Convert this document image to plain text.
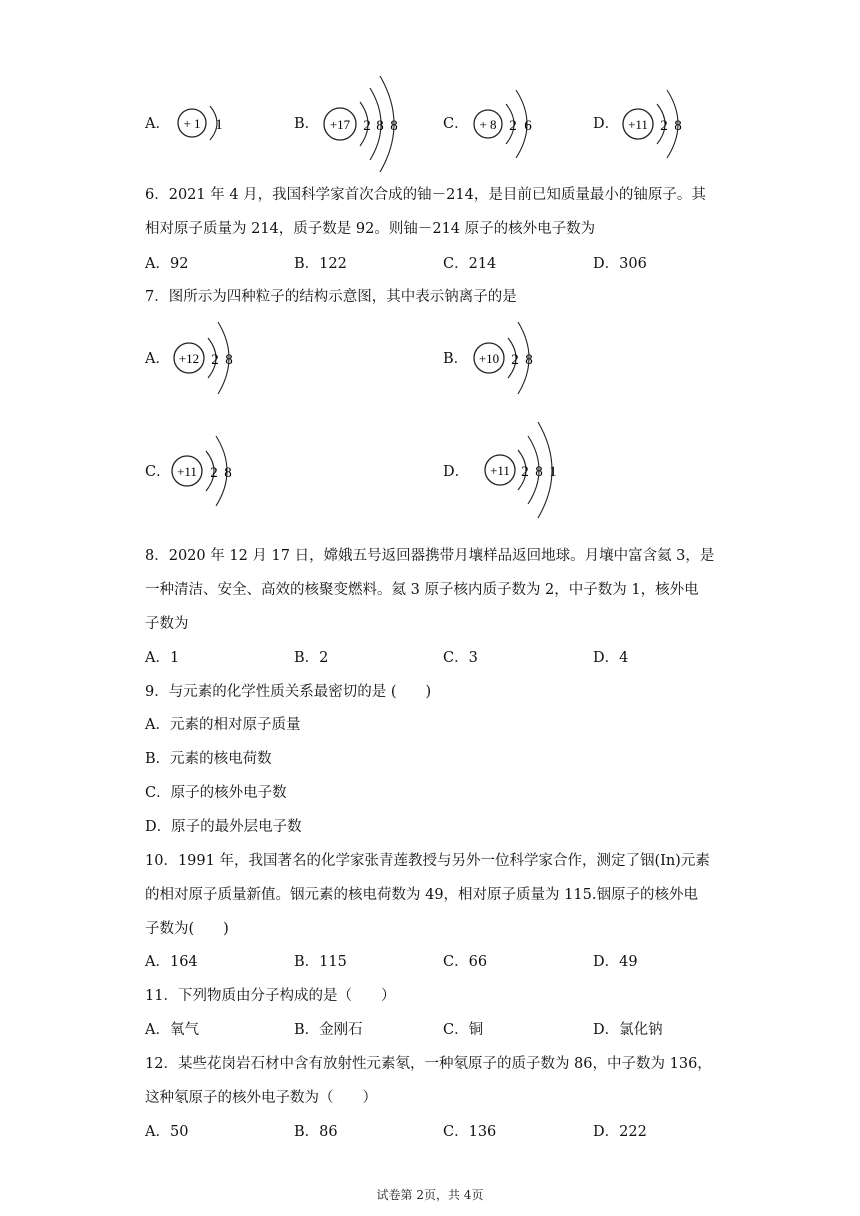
A． + 1 1	B． +17 2 8 8	C． + 8 2 6	D． +11 2 8
6．2021 年 4 月，我国科学家首次合成的铀－214，是目前已知质量最小的铀原子。其
相对原子质量为 214，质子数是 92。则铀－214 原子的核外电子数为
A．92	B．122	C．214	D．306
7．图所示为四种粒子的结构示意图，其中表示钠离子的是
A． +12 2 8	B． +10 2 8
C． +11 2 8	D． +11 2 8 1
8．2020 年 12 月 17 日，嫦娥五号返回器携带月壤样品返回地球。月壤中富含氦 3，是
一种清洁、安全、高效的核聚变燃料。氦 3 原子核内质子数为 2，中子数为 1，核外电
子数为
A．1	B．2	C．3	D．4
9．与元素的化学性质关系最密切的是 (　　)
A．元素的相对原子质量
B．元素的核电荷数
C．原子的核外电子数
D．原子的最外层电子数
10．1991 年，我国著名的化学家张青莲教授与另外一位科学家合作，测定了铟(In)元素
的相对原子质量新值。铟元素的核电荷数为 49，相对原子质量为 115.铟原子的核外电
子数为(　　)
A．164	B．115	C．66	D．49
11．下列物质由分子构成的是（　　）
A．氧气	B．金刚石	C．铜	D．氯化钠
12．某些花岗岩石材中含有放射性元素氡，一种氡原子的质子数为 86，中子数为 136，
这种氡原子的核外电子数为（　　）
A．50	B．86	C．136	D．222
试卷第 2页，共 4页
